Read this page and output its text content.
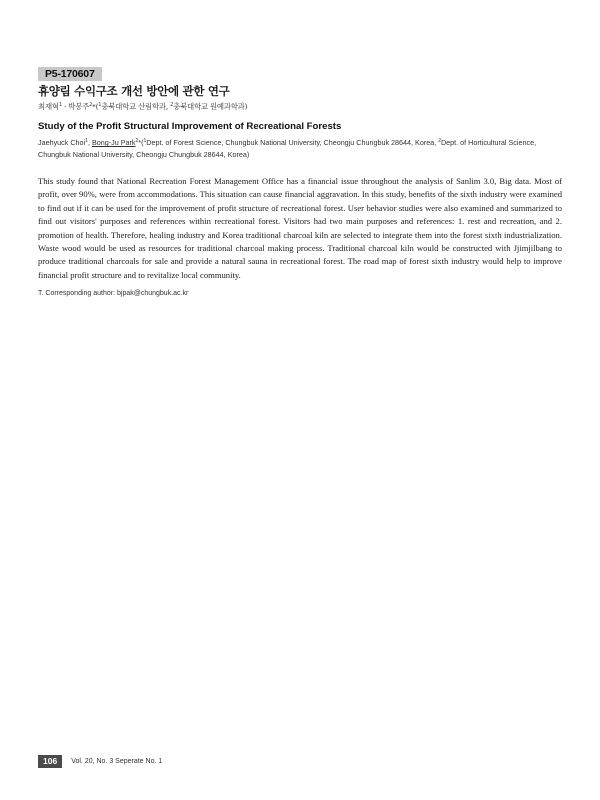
P5-170607
휴양림 수익구조 개선 방안에 관한 연구
최재혁$^1$ · 박봉주$^2$*($^1$충북대학교 산림학과, $^2$충북대학교 원예과학과)
Study of the Profit Structural Improvement of Recreational Forests
Jaehyuck Choi$^1$, Bong-Ju Park$^2$*($^1$Dept. of Forest Science, Chungbuk National University, Cheongju Chungbuk 28644, Korea, $^2$Dept. of Horticultural Science, Chungbuk National University, Cheongju Chungbuk 28644, Korea)
This study found that National Recreation Forest Management Office has a financial issue throughout the analysis of Sanlim 3.0, Big data. Most of profit, over 90%, were from accommodations. This situation can cause financial aggravation. In this study, benefits of the sixth industry were examined to find out if it can be used for the improvement of profit structure of recreational forest. User behavior studies were also examined and summarized to find out visitors' purposes and references within recreational forest. Visitors had two main purposes and references: 1. rest and recreation, and 2. promotion of health. Therefore, healing industry and Korea traditional charcoal kiln are selected to integrate them into the forest sixth industrialization. Waste wood would be used as resources for traditional charcoal making process. Traditional charcoal kiln would be constructed with Jjimjilbang to produce traditional charcoals for sale and provide a natural sauna in recreational forest. The road map of forest sixth industry would help to improve financial profit structure and to revitalize local community.
T. Corresponding author: bjpak@chungbuk.ac.kr
106	Vol. 20, No. 3 Seperate No. 1
